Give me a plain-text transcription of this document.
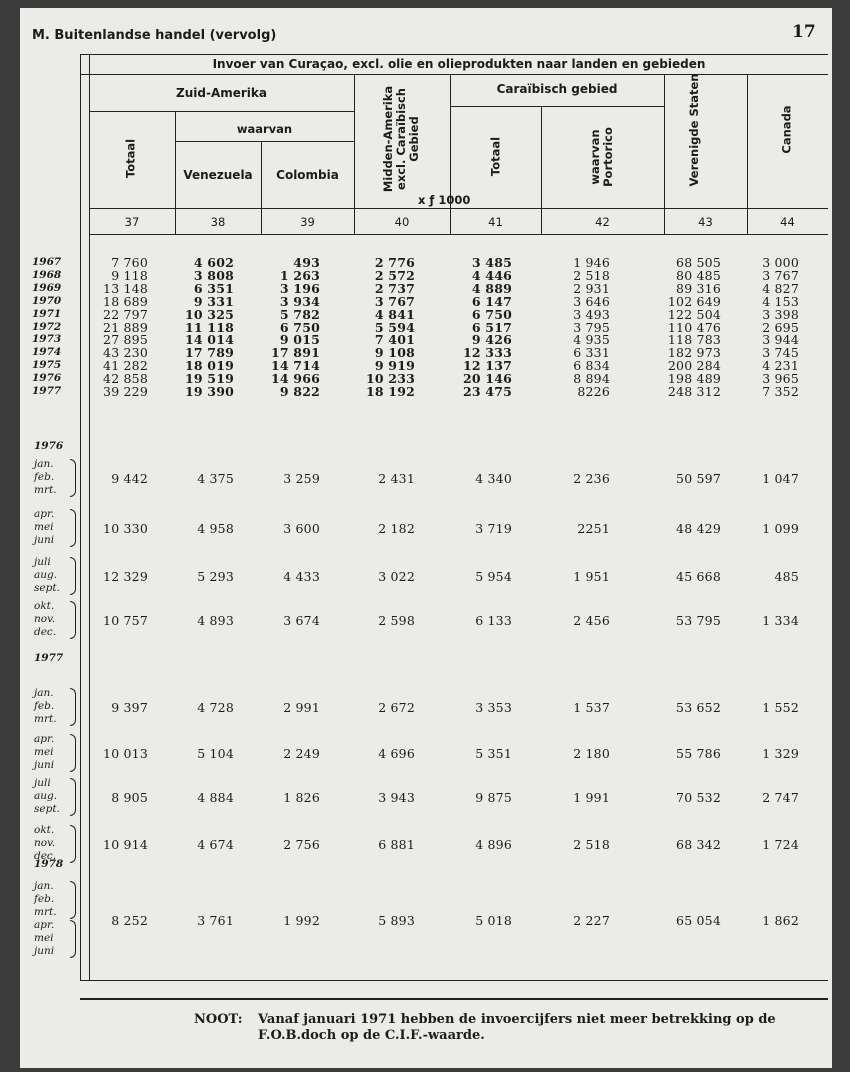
M. Buitenlandse handel (vervolg)	17
Invoer van Curaçao, excl. olie en olieprodukten naar landen en gebieden
Zuid-Amerika
waarvan
Totaal	Venezuela	Colombia	Midden-Amerika excl. Caraïbisch Gebied
Caraïbisch gebied
Totaal	waarvan Portorico	Verenigde Staten	Canada
x ƒ 1000
37	38	39	40	41	42	43	44
1967	7 760	4 602	493	2 776	3 485	1 946	68 505	3 000
1968	9 118	3 808	1 263	2 572	4 446	2 518	80 485	3 767
1969	13 148	6 351	3 196	2 737	4 889	2 931	89 316	4 827
1970	18 689	9 331	3 934	3 767	6 147	3 646	102 649	4 153
1971	22 797	10 325	5 782	4 841	6 750	3 493	122 504	3 398
1972	21 889	11 118	6 750	5 594	6 517	3 795	110 476	2 695
1973	27 895	14 014	9 015	7 401	9 426	4 935	118 783	3 944
1974	43 230	17 789	17 891	9 108	12 333	6 331	182 973	3 745
1975	41 282	18 019	14 714	9 919	12 137	6 834	200 284	4 231
1976	42 858	19 519	14 966	10 233	20 146	8 894	198 489	3 965
1977	39 229	19 390	9 822	18 192	23 475	8226	248 312	7 352
1976
jan.
feb.
mrt.
9 442	4 375	3 259	2 431	4 340	2 236	50 597	1 047
apr.
mei
juni
10 330	4 958	3 600	2 182	3 719	2251	48 429	1 099
juli
aug.
sept.
12 329	5 293	4 433	3 022	5 954	1 951	45 668	485
okt.
nov.
dec.
10 757	4 893	3 674	2 598	6 133	2 456	53 795	1 334
1977
jan.
feb.
mrt.
9 397	4 728	2 991	2 672	3 353	1 537	53 652	1 552
apr.
mei
juni
10 013	5 104	2 249	4 696	5 351	2 180	55 786	1 329
juli
aug.
sept.
8 905	4 884	1 826	3 943	9 875	1 991	70 532	2 747
okt.
nov.
dec.
10 914	4 674	2 756	6 881	4 896	2 518	68 342	1 724
1978
jan.
feb.
mrt.
apr.
mei
juni
8 252	3 761	1 992	5 893	5 018	2 227	65 054	1 862
NOOT: Vanaf januari 1971 hebben de invoercijfers niet meer betrekking op de
F.O.B.doch op de C.I.F.-waarde.
